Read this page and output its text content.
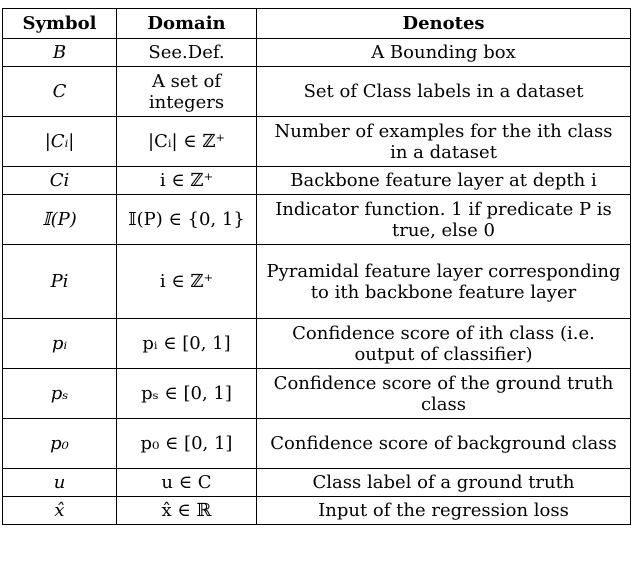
Symbol	Domain	Denotes
B	See.Def.	A Bounding box
C	A set of integers	Set of Class labels in a dataset
|Cᵢ|	|Cᵢ| ∈ ℤ⁺	Number of examples for the ith class in a dataset
Ci	i ∈ ℤ⁺	Backbone feature layer at depth i
𝕀(P)	𝕀(P) ∈ {0, 1}	Indicator function. 1 if predicate P is true, else 0
Pi	i ∈ ℤ⁺	Pyramidal feature layer corresponding to ith backbone feature layer
pᵢ	pᵢ ∈ [0, 1]	Confidence score of ith class (i.e. output of classifier)
pₛ	pₛ ∈ [0, 1]	Confidence score of the ground truth class
p₀	p₀ ∈ [0, 1]	Confidence score of background class
u	u ∈ C	Class label of a ground truth
x̂	x̂ ∈ ℝ	Input of the regression loss
